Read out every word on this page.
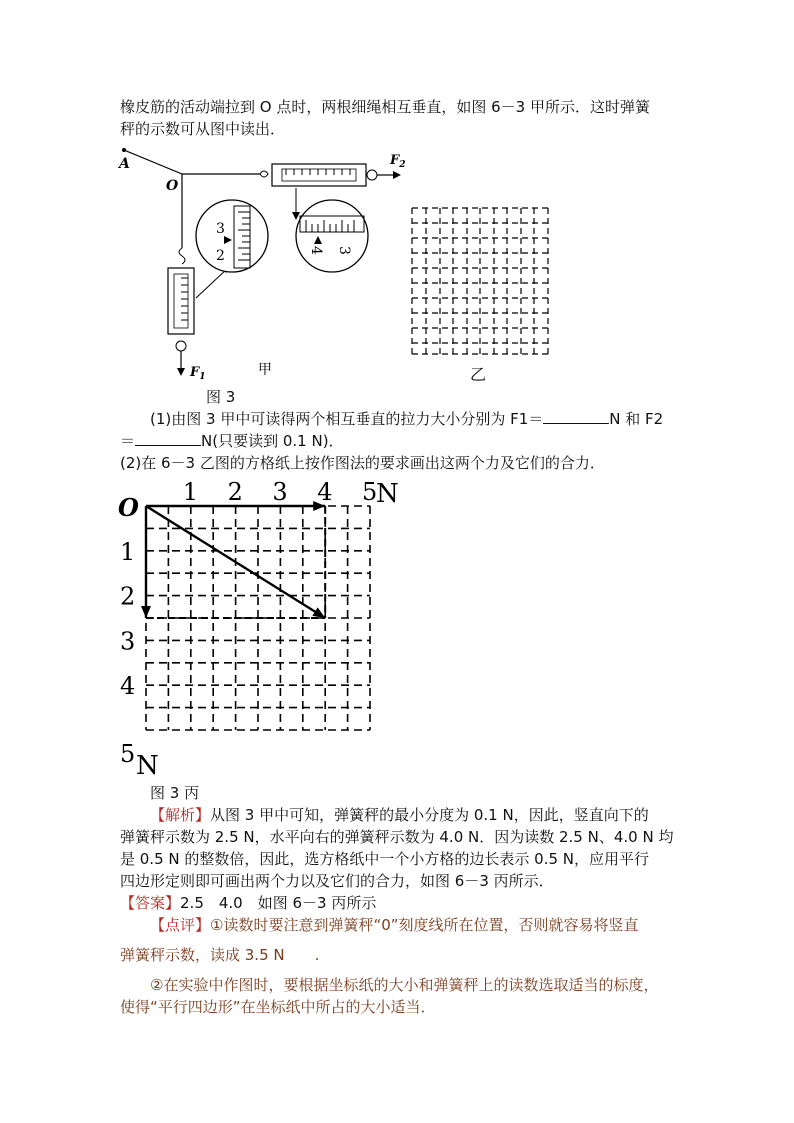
橡皮筋的活动端拉到 O 点时，两根细绳相互垂直，如图 6－3 甲所示．这时弹簧
秤的示数可从图中读出．
A
O
$F_2$
$F_1$	甲
3
2	4 3
图 3
乙
(1)由图 3 甲中可读得两个相互垂直的拉力大小分别为 F1＝	N 和 F2
＝	N(只要读到 0.1 N)．
(2)在 6－3 乙图的方格纸上按作图法的要求画出这两个力及它们的合力．
O
1 2 3 4 5
N
1
2
3
4
5 N
图 3 丙
【解析】从图 3 甲中可知，弹簧秤的最小分度为 0.1 N，因此，竖直向下的
弹簧秤示数为 2.5 N，水平向右的弹簧秤示数为 4.0 N．因为读数 2.5 N、4.0 N 均
是 0.5 N 的整数倍，因此，选方格纸中一个小方格的边长表示 0.5 N，应用平行
四边形定则即可画出两个力以及它们的合力，如图 6－3 丙所示．
【答案】2.5　4.0　如图 6－3 丙所示
【点评】①读数时要注意到弹簧秤“0”刻度线所在位置，否则就容易将竖直
弹簧秤示数，读成 3.5 N　　.
②在实验中作图时，要根据坐标纸的大小和弹簧秤上的读数选取适当的标度，
使得“平行四边形”在坐标纸中所占的大小适当．
